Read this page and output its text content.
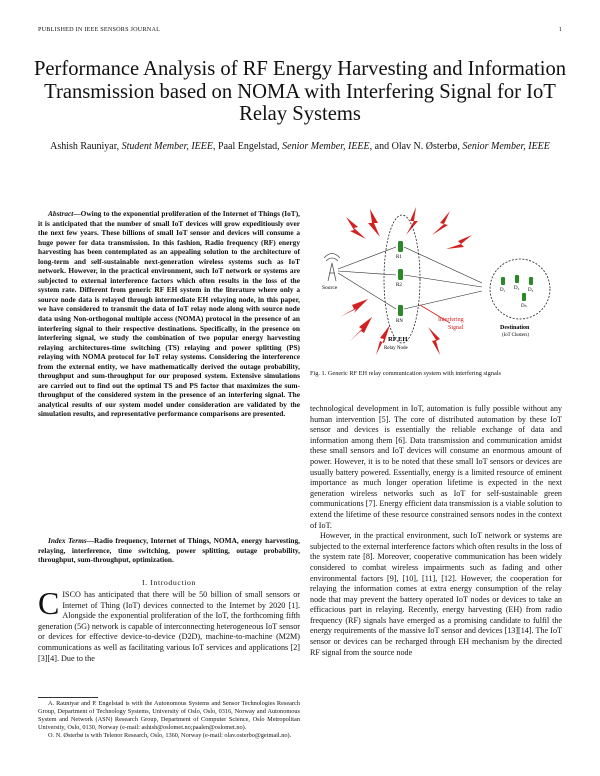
PUBLISHED IN IEEE SENSORS JOURNAL	1
Performance Analysis of RF Energy Harvesting and Information Transmission based on NOMA with Interfering Signal for IoT Relay Systems
Ashish Rauniyar, Student Member, IEEE, Paal Engelstad, Senior Member, IEEE, and Olav N. Østerbø, Senior Member, IEEE
Abstract—Owing to the exponential proliferation of the Internet of Things (IoT), it is anticipated that the number of small IoT devices will grow expeditiously over the next few years. These billions of small IoT sensor and devices will consume a huge power for data transmission. In this fashion, Radio frequency (RF) energy harvesting has been contemplated as an appealing solution to the architecture of long-term and self-sustainable next-generation wireless systems such as IoT network. However, in the practical environment, such IoT network or systems are subjected to external interference factors which often results in the loss of the system rate. Different from generic RF EH system in the literature where only a source node data is relayed through intermediate EH relaying node, in this paper, we have considered to transmit the data of IoT relay node along with source node data using Non-orthogonal multiple access (NOMA) protocol in the presence of an interfering signal to their respective destinations. Specifically, in the presence on interfering signal, we study the combination of two popular energy harvesting relaying architectures-time switching (TS) relaying and power splitting (PS) relaying with NOMA protocol for IoT relay systems. Considering the interference from the external entity, we have mathematically derived the outage probability, throughput and sum-throughput for our proposed system. Extensive simulations are carried out to find out the optimal TS and PS factor that maximizes the sum-throughput of the considered system in the presence of an interfering signal. The analytical results of our system model under consideration are validated by the simulation results, and representative performance comparisons are presented.
Index Terms—Radio frequency, Internet of Things, NOMA, energy harvesting, relaying, interference, time switching, power splitting, outage probability, throughput, sum-throughput, optimization.
I. Introduction
CISCO has anticipated that there will be 50 billion of small sensors or Internet of Thing (IoT) devices connected to the Internet by 2020 [1]. Alongside the exponential proliferation of the IoT, the forthcoming fifth generation (5G) network is capable of interconnecting heterogeneous IoT sensor or devices for effective device-to-device (D2D), machine-to-machine (M2M) communications as well as facilitating various IoT services and applications [2][3][4]. Due to the

A. Rauniyar and P. Engelstad is with the Autonomous Systems and Sensor Technologies Research Group, Department of Technology Systems, University of Oslo, Oslo, 0316, Norway and Autonomous System and Network (ASN) Research Group, Department of Computer Science, Oslo Metropolitan University, Oslo, 0130, Norway (e-mail: ashish@oslomet.no;paalen@oslomet.no).

O. N. Østerbø is with Telenor Research, Oslo, 1360, Norway (e-mail: olav.osterbo@getmail.no).

R1
R2
RN
Source
RF EH
Relay Node
Interfering
Signal
D₁ D₂ D₃
Dₙ
Destination
(IoT Clusters)
Fig. 1. Generic RF EH relay communication system with interfering signals

technological development in IoT, automation is fully possible without any human intervention [5]. The core of distributed automation by these IoT sensor and devices is essentially the reliable exchange of data and information among them [6]. Data transmission and communication amidst these small sensors and IoT devices will consume an enormous amount of power. However, it is to be noted that these small IoT sensors or devices are usually battery powered. Essentially, energy is a limited resource of eminent importance as much longer operation lifetime is expected in the next generation wireless networks such as IoT for self-sustainable green communications [7]. Energy efficient data transmission is a viable solution to extend the lifetime of these resource constrained sensors nodes in the context of IoT.

However, in the practical environment, such IoT network or systems are subjected to the external interference factors which often results in the loss of the system rate [8]. Moreover, cooperative communication has been widely considered to combat wireless impairments such as fading and other environmental factors [9], [10], [11], [12]. However, the cooperation for relaying the information comes at extra energy consumption of the relay node that may prevent the battery operated IoT nodes or devices to take an efficacious part in relaying. Recently, energy harvesting (EH) from radio frequency (RF) signals have emerged as a promising candidate to fulfil the energy requirements of the massive IoT sensor and devices [13][14]. The IoT sensor or devices can be recharged through EH mechanism by the directed RF signal from the source node
